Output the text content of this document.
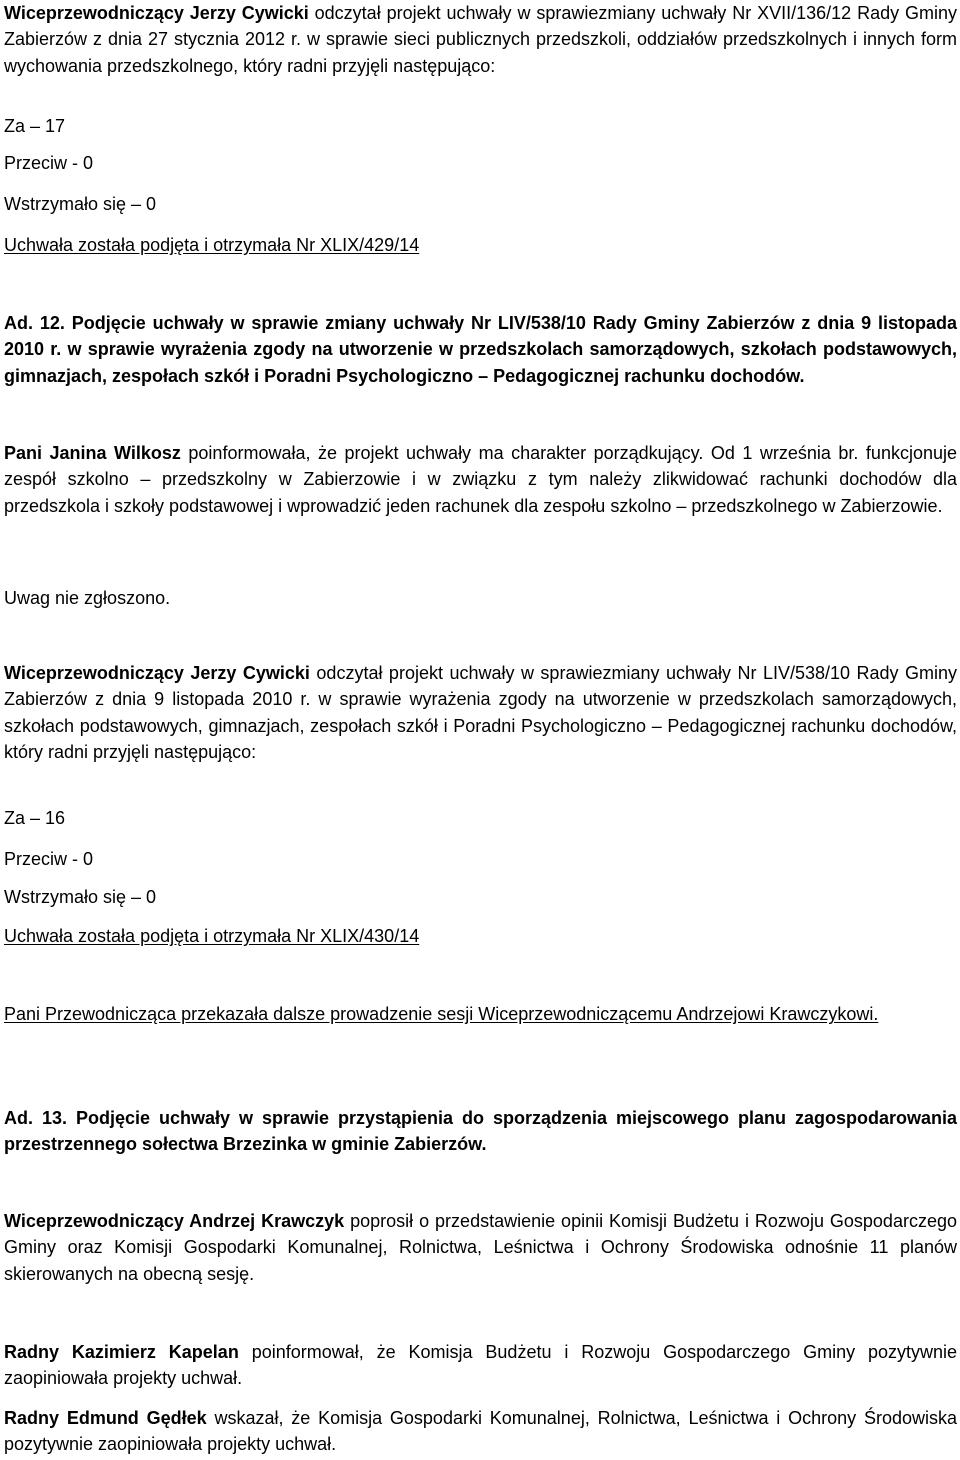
Wiceprzewodniczący Jerzy Cywicki odczytał projekt uchwały w sprawiezmiany uchwały Nr XVII/136/12 Rady Gminy Zabierzów z dnia 27 stycznia 2012 r. w sprawie sieci publicznych przedszkoli, oddziałów przedszkolnych i innych form wychowania przedszkolnego, który radni przyjęli następująco:

Za – 17

Przeciw - 0

Wstrzymało się – 0

Uchwała została podjęta i otrzymała Nr XLIX/429/14

Ad. 12. Podjęcie uchwały w sprawie zmiany uchwały Nr LIV/538/10 Rady Gminy Zabierzów z dnia 9 listopada 2010 r. w sprawie wyrażenia zgody na utworzenie w przedszkolach samorządowych, szkołach podstawowych, gimnazjach, zespołach szkół i Poradni Psychologiczno – Pedagogicznej rachunku dochodów.

Pani Janina Wilkosz poinformowała, że projekt uchwały ma charakter porządkujący. Od 1 września br. funkcjonuje zespół szkolno – przedszkolny w Zabierzowie i w związku z tym należy zlikwidować rachunki dochodów dla przedszkola i szkoły podstawowej i wprowadzić jeden rachunek dla zespołu szkolno – przedszkolnego w Zabierzowie.

Uwag nie zgłoszono.

Wiceprzewodniczący Jerzy Cywicki odczytał projekt uchwały w sprawiezmiany uchwały Nr LIV/538/10 Rady Gminy Zabierzów z dnia 9 listopada 2010 r. w sprawie wyrażenia zgody na utworzenie w przedszkolach samorządowych, szkołach podstawowych, gimnazjach, zespołach szkół i Poradni Psychologiczno – Pedagogicznej rachunku dochodów, który radni przyjęli następująco:

Za – 16

Przeciw - 0

Wstrzymało się – 0

Uchwała została podjęta i otrzymała Nr XLIX/430/14

Pani Przewodnicząca przekazała dalsze prowadzenie sesji Wiceprzewodniczącemu Andrzejowi Krawczykowi.

Ad. 13. Podjęcie uchwały w sprawie przystąpienia do sporządzenia miejscowego planu zagospodarowania przestrzennego sołectwa Brzezinka w gminie Zabierzów.

Wiceprzewodniczący Andrzej Krawczyk poprosił o przedstawienie opinii Komisji Budżetu i Rozwoju Gospodarczego Gminy oraz Komisji Gospodarki Komunalnej, Rolnictwa, Leśnictwa i Ochrony Środowiska odnośnie 11 planów skierowanych na obecną sesję.

Radny Kazimierz Kapelan poinformował, że Komisja Budżetu i Rozwoju Gospodarczego Gminy pozytywnie zaopiniowała projekty uchwał.

Radny Edmund Gędłek wskazał, że Komisja Gospodarki Komunalnej, Rolnictwa, Leśnictwa i Ochrony Środowiska pozytywnie zaopiniowała projekty uchwał.
